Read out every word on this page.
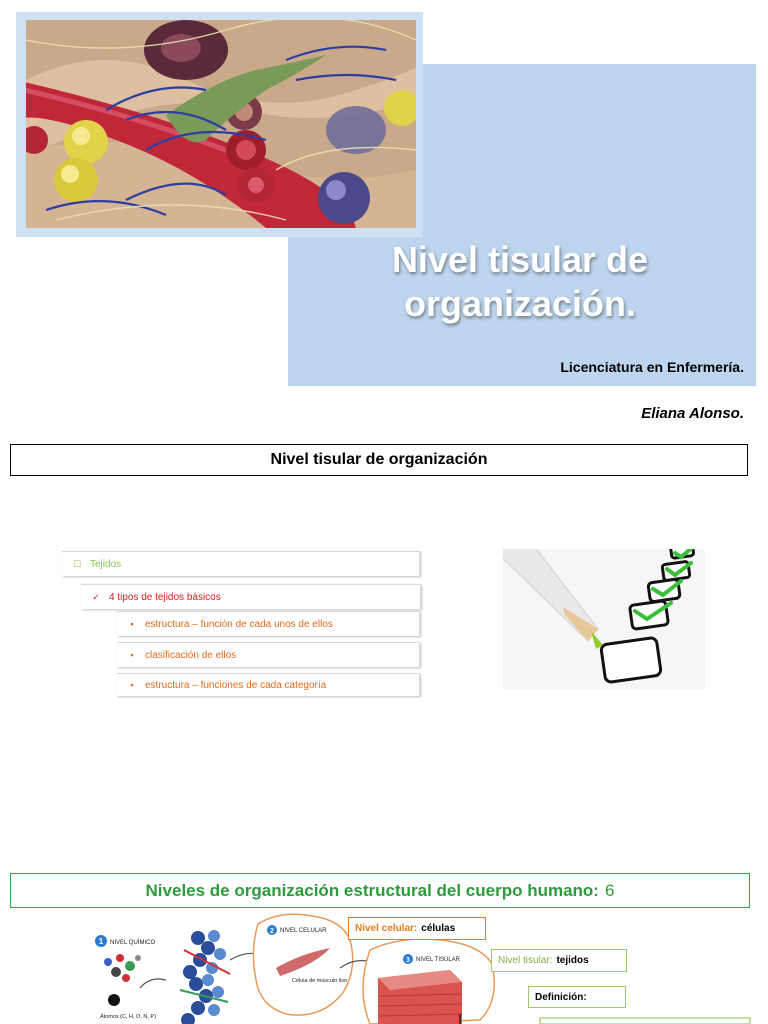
Nivel tisular de
organización.
Licenciatura en Enfermería.
Eliana Alonso.
Nivel tisular de organización
☐ Tejidos
✓ 4 tipos de tejidos básicos
▪	estructura – función de cada unos de ellos
▪	clasificación de ellos
▪	estructura – funciones de cada categoría
Niveles de organización estructural del cuerpo humano: 6
1 NIVEL QUÍMICO
Átomos (C, H, O, N, P)
2 NIVEL CELULAR
Célula de músculo liso
3 NIVEL TISULAR
Nivel celular: células
Nivel tisular: tejidos
Definición:
